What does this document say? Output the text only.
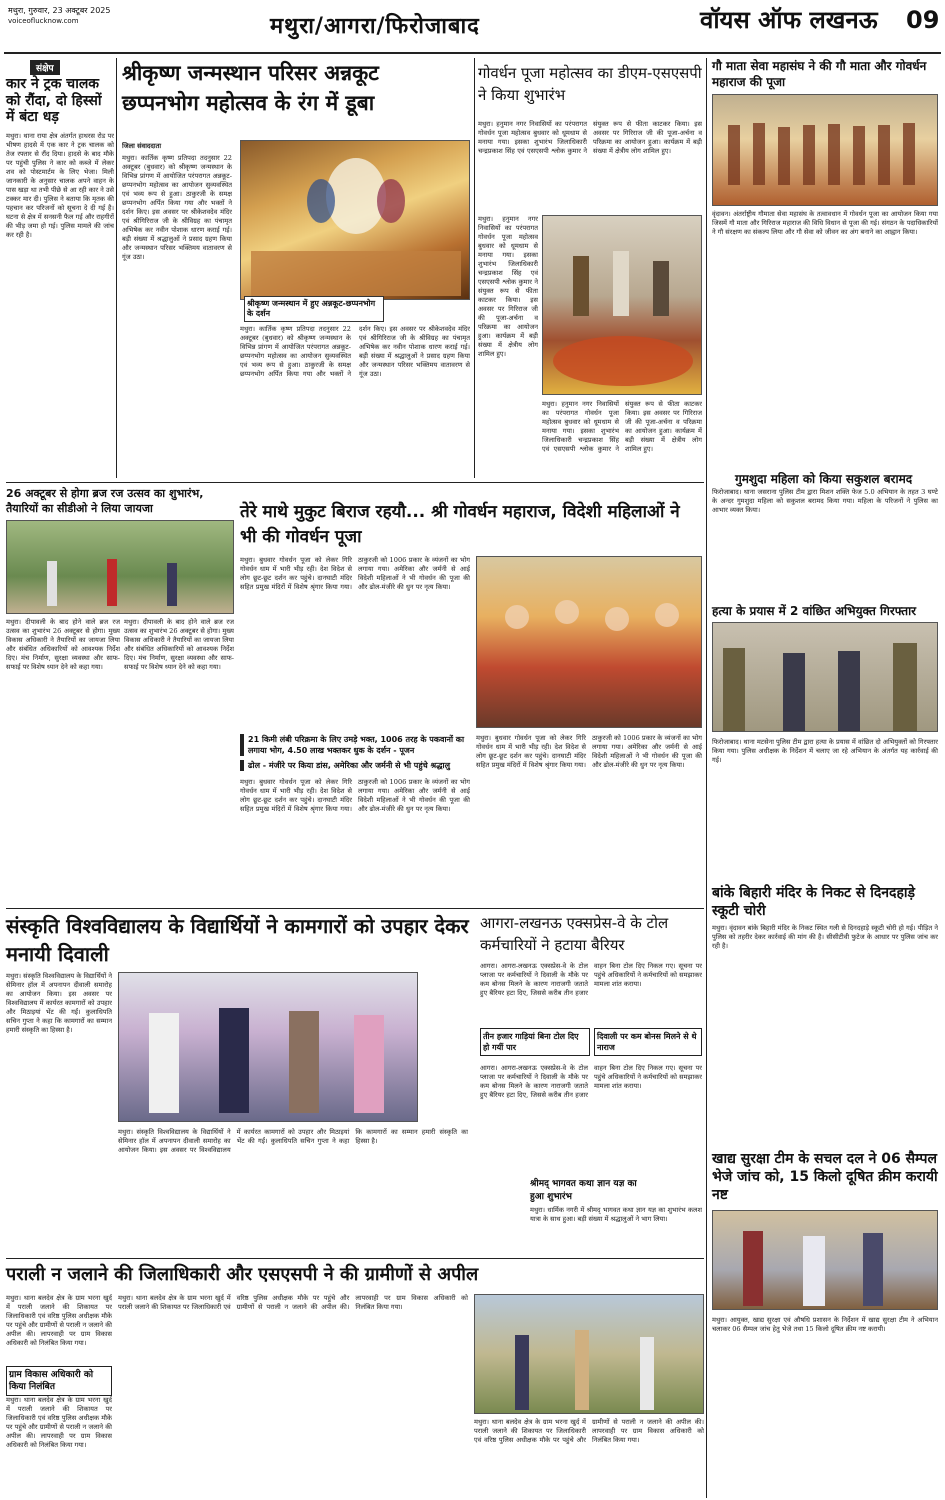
मथुरा, गुरुवार, 23 अक्टूबर 2025
voiceoflucknow.com	मथुरा/आगरा/फिरोजाबाद	वॉयस ऑफ लखनऊ 09
संक्षेप
कार ने ट्रक चालक को रौंदा, दो हिस्सों में बंटा धड़
मथुरा। थाना राया क्षेत्र अंतर्गत हाथरस रोड पर भीषण हादसे में एक कार ने ट्रक चालक को तेज रफ्तार से रौंद दिया। हादसे के बाद मौके पर पहुंची पुलिस ने कार को कब्जे में लेकर शव को पोस्टमार्टम के लिए भेजा। मिली जानकारी के अनुसार चालक अपने वाहन के पास खड़ा था तभी पीछे से आ रही कार ने उसे टक्कर मार दी। पुलिस ने बताया कि मृतक की पहचान कर परिजनों को सूचना दे दी गई है। घटना से क्षेत्र में सनसनी फैल गई और राहगीरों की भीड़ जमा हो गई। पुलिस मामले की जांच कर रही है।
श्रीकृष्ण जन्मस्थान परिसर अन्नकूट छप्पनभोग महोत्सव के रंग में डूबा
जिला संवाददाता
मथुरा। कार्तिक कृष्ण प्रतिपदा तदनुसार 22 अक्टूबर (बुधवार) को श्रीकृष्ण जन्मस्थान के विभिन्न प्रांगण में आयोजित परंपरागत अन्नकूट-छप्पनभोग महोत्सव का आयोजन सुव्यवस्थित एवं भव्य रूप से हुआ। ठाकुरजी के समक्ष छप्पनभोग अर्पित किया गया और भक्तों ने दर्शन किए। इस अवसर पर श्रीकेशवदेव मंदिर एवं श्रीगिरिराज जी के श्रीविग्रह का पंचामृत अभिषेक कर नवीन पोशाक धारण कराई गई। बड़ी संख्या में श्रद्धालुओं ने प्रसाद ग्रहण किया और जन्मस्थान परिसर भक्तिमय वातावरण से गूंज उठा।
श्रीकृष्ण जन्मस्थान में हुए अन्नकूट-छप्पनभोग के दर्शन
मथुरा। कार्तिक कृष्ण प्रतिपदा तदनुसार 22 अक्टूबर (बुधवार) को श्रीकृष्ण जन्मस्थान के विभिन्न प्रांगण में आयोजित परंपरागत अन्नकूट-छप्पनभोग महोत्सव का आयोजन सुव्यवस्थित एवं भव्य रूप से हुआ। ठाकुरजी के समक्ष छप्पनभोग अर्पित किया गया और भक्तों ने दर्शन किए। इस अवसर पर श्रीकेशवदेव मंदिर एवं श्रीगिरिराज जी के श्रीविग्रह का पंचामृत अभिषेक कर नवीन पोशाक धारण कराई गई। बड़ी संख्या में श्रद्धालुओं ने प्रसाद ग्रहण किया और जन्मस्थान परिसर भक्तिमय वातावरण से गूंज उठा।
गोवर्धन पूजा महोत्सव का डीएम-एसएसपी ने किया शुभारंभ
मथुरा। हनुमान नगर निवासियों का परंपरागत गोवर्धन पूजा महोत्सव बुधवार को धूमधाम से मनाया गया। इसका शुभारंभ जिलाधिकारी चन्द्रप्रकाश सिंह एवं एसएसपी श्लोक कुमार ने संयुक्त रूप से फीता काटकर किया। इस अवसर पर गिरिराज जी की पूजा-अर्चना व परिक्रमा का आयोजन हुआ। कार्यक्रम में बड़ी संख्या में क्षेत्रीय लोग शामिल हुए।
मथुरा। हनुमान नगर निवासियों का परंपरागत गोवर्धन पूजा महोत्सव बुधवार को धूमधाम से मनाया गया। इसका शुभारंभ जिलाधिकारी चन्द्रप्रकाश सिंह एवं एसएसपी श्लोक कुमार ने संयुक्त रूप से फीता काटकर किया। इस अवसर पर गिरिराज जी की पूजा-अर्चना व परिक्रमा का आयोजन हुआ। कार्यक्रम में बड़ी संख्या में क्षेत्रीय लोग शामिल हुए।
मथुरा। हनुमान नगर निवासियों का परंपरागत गोवर्धन पूजा महोत्सव बुधवार को धूमधाम से मनाया गया। इसका शुभारंभ जिलाधिकारी चन्द्रप्रकाश सिंह एवं एसएसपी श्लोक कुमार ने संयुक्त रूप से फीता काटकर किया। इस अवसर पर गिरिराज जी की पूजा-अर्चना व परिक्रमा का आयोजन हुआ। कार्यक्रम में बड़ी संख्या में क्षेत्रीय लोग शामिल हुए।
गौ माता सेवा महासंघ ने की गौ माता और गोवर्धन महाराज की पूजा
वृंदावन। अंतर्राष्ट्रीय गौमाता सेवा महासंघ के तत्वावधान में गोवर्धन पूजा का आयोजन किया गया जिसमें गौ माता और गिरिराज महाराज की विधि विधान से पूजा की गई। संगठन के पदाधिकारियों ने गौ संरक्षण का संकल्प लिया और गौ सेवा को जीवन का अंग बनाने का आह्वान किया।
गुमशुदा महिला को किया सकुशल बरामद
फिरोजाबाद। थाना जसराना पुलिस टीम द्वारा मिशन शक्ति फेज 5.0 अभियान के तहत 3 घण्टे के अन्दर गुमशुदा महिला को सकुशल बरामद किया गया। महिला के परिजनों ने पुलिस का आभार व्यक्त किया।
हत्या के प्रयास में 2 वांछित अभियुक्त गिरफ्तार
फिरोजाबाद। थाना मटसेना पुलिस टीम द्वारा हत्या के प्रयास में वांछित दो अभियुक्तों को गिरफ्तार किया गया। पुलिस अधीक्षक के निर्देशन में चलाए जा रहे अभियान के अंतर्गत यह कार्रवाई की गई।
बांके बिहारी मंदिर के निकट से दिनदहाड़े स्कूटी चोरी
मथुरा। वृंदावन बांके बिहारी मंदिर के निकट स्थित गली से दिनदहाड़े स्कूटी चोरी हो गई। पीड़ित ने पुलिस को तहरीर देकर कार्रवाई की मांग की है। सीसीटीवी फुटेज के आधार पर पुलिस जांच कर रही है।
खाद्य सुरक्षा टीम के सचल दल ने 06 सैम्पल भेजे जांच को, 15 किलो दूषित क्रीम करायी नष्ट
मथुरा। आयुक्त, खाद्य सुरक्षा एवं औषधि प्रशासन के निर्देशन में खाद्य सुरक्षा टीम ने अभियान चलाकर 06 सैम्पल जांच हेतु भेजे तथा 15 किलो दूषित क्रीम नष्ट करायी।
26 अक्टूबर से होगा ब्रज रज उत्सव का शुभारंभ, तैयारियों का सीडीओ ने लिया जायजा
मथुरा। दीपावली के बाद होने वाले ब्रज रज उत्सव का शुभारंभ 26 अक्टूबर से होगा। मुख्य विकास अधिकारी ने तैयारियों का जायजा लिया और संबंधित अधिकारियों को आवश्यक निर्देश दिए। मंच निर्माण, सुरक्षा व्यवस्था और साफ-सफाई पर विशेष ध्यान देने को कहा गया।
मथुरा। दीपावली के बाद होने वाले ब्रज रज उत्सव का शुभारंभ 26 अक्टूबर से होगा। मुख्य विकास अधिकारी ने तैयारियों का जायजा लिया और संबंधित अधिकारियों को आवश्यक निर्देश दिए। मंच निर्माण, सुरक्षा व्यवस्था और साफ-सफाई पर विशेष ध्यान देने को कहा गया।
तेरे माथे मुकुट बिराज रहयौ... श्री गोवर्धन महाराज, विदेशी महिलाओं ने भी की गोवर्धन पूजा
मथुरा। बुधवार गोवर्धन पूजा को लेकर गिरि गोवर्धन धाम में भारी भीड़ रही। देश विदेश से लोग छूट-छूट दर्शन कर पहुंचे। दानघाटी मंदिर सहित प्रमुख मंदिरों में विशेष श्रृंगार किया गया। ठाकुरजी को 1006 प्रकार के व्यंजनों का भोग लगाया गया। अमेरिका और जर्मनी से आई विदेशी महिलाओं ने भी गोवर्धन की पूजा की और ढोल-मंजीरे की धुन पर नृत्य किया।
21 किमी लंबी परिक्रमा के लिए उमड़े भक्त, 1006 तरह के पकवानों का लगाया भोग, 4.50 लाख भक्तकर धुक के दर्शन - पूजन
ढोल - मंजीरे पर किया डांस, अमेरिका और जर्मनी से भी पहुंचे श्रद्धालु
मथुरा। बुधवार गोवर्धन पूजा को लेकर गिरि गोवर्धन धाम में भारी भीड़ रही। देश विदेश से लोग छूट-छूट दर्शन कर पहुंचे। दानघाटी मंदिर सहित प्रमुख मंदिरों में विशेष श्रृंगार किया गया। ठाकुरजी को 1006 प्रकार के व्यंजनों का भोग लगाया गया। अमेरिका और जर्मनी से आई विदेशी महिलाओं ने भी गोवर्धन की पूजा की और ढोल-मंजीरे की धुन पर नृत्य किया।
मथुरा। बुधवार गोवर्धन पूजा को लेकर गिरि गोवर्धन धाम में भारी भीड़ रही। देश विदेश से लोग छूट-छूट दर्शन कर पहुंचे। दानघाटी मंदिर सहित प्रमुख मंदिरों में विशेष श्रृंगार किया गया। ठाकुरजी को 1006 प्रकार के व्यंजनों का भोग लगाया गया। अमेरिका और जर्मनी से आई विदेशी महिलाओं ने भी गोवर्धन की पूजा की और ढोल-मंजीरे की धुन पर नृत्य किया।
संस्कृति विश्वविद्यालय के विद्यार्थियों ने कामगारों को उपहार देकर मनायी दिवाली
मथुरा। संस्कृति विश्वविद्यालय के विद्यार्थियों ने सेमिनार हॉल में अपनापन दीवाली समारोह का आयोजन किया। इस अवसर पर विश्वविद्यालय में कार्यरत कामगारों को उपहार और मिठाइयां भेंट की गईं। कुलाधिपति सचिन गुप्ता ने कहा कि कामगारों का सम्मान हमारी संस्कृति का हिस्सा है।
मथुरा। संस्कृति विश्वविद्यालय के विद्यार्थियों ने सेमिनार हॉल में अपनापन दीवाली समारोह का आयोजन किया। इस अवसर पर विश्वविद्यालय में कार्यरत कामगारों को उपहार और मिठाइयां भेंट की गईं। कुलाधिपति सचिन गुप्ता ने कहा कि कामगारों का सम्मान हमारी संस्कृति का हिस्सा है।
आगरा-लखनऊ एक्सप्रेस-वे के टोल कर्मचारियों ने हटाया बैरियर
आगरा। आगरा-लखनऊ एक्सप्रेस-वे के टोल प्लाजा पर कर्मचारियों ने दिवाली के मौके पर कम बोनस मिलने के कारण नाराजगी जताते हुए बैरियर हटा दिए, जिससे करीब तीन हजार वाहन बिना टोल दिए निकल गए। सूचना पर पहुंचे अधिकारियों ने कर्मचारियों को समझाकर मामला शांत कराया।
तीन हजार गाड़ियां बिना टोल दिए हो गयीं पार
दिवाली पर कम बोनस मिलने से थे नाराज
आगरा। आगरा-लखनऊ एक्सप्रेस-वे के टोल प्लाजा पर कर्मचारियों ने दिवाली के मौके पर कम बोनस मिलने के कारण नाराजगी जताते हुए बैरियर हटा दिए, जिससे करीब तीन हजार वाहन बिना टोल दिए निकल गए। सूचना पर पहुंचे अधिकारियों ने कर्मचारियों को समझाकर मामला शांत कराया।
श्रीमद् भागवत कथा ज्ञान यज्ञ का हुआ शुभारंभ
मथुरा। धार्मिक नगरी में श्रीमद् भागवत कथा ज्ञान यज्ञ का शुभारंभ कलश यात्रा के साथ हुआ। बड़ी संख्या में श्रद्धालुओं ने भाग लिया।
पराली न जलाने की जिलाधिकारी और एसएसपी ने की ग्रामीणों से अपील
मथुरा। थाना बलदेव क्षेत्र के ग्राम भरना खुर्द में पराली जलाने की शिकायत पर जिलाधिकारी एवं वरिष्ठ पुलिस अधीक्षक मौके पर पहुंचे और ग्रामीणों से पराली न जलाने की अपील की। लापरवाही पर ग्राम विकास अधिकारी को निलंबित किया गया।
ग्राम विकास अधिकारी को किया निलंबित
मथुरा। थाना बलदेव क्षेत्र के ग्राम भरना खुर्द में पराली जलाने की शिकायत पर जिलाधिकारी एवं वरिष्ठ पुलिस अधीक्षक मौके पर पहुंचे और ग्रामीणों से पराली न जलाने की अपील की। लापरवाही पर ग्राम विकास अधिकारी को निलंबित किया गया।
मथुरा। थाना बलदेव क्षेत्र के ग्राम भरना खुर्द में पराली जलाने की शिकायत पर जिलाधिकारी एवं वरिष्ठ पुलिस अधीक्षक मौके पर पहुंचे और ग्रामीणों से पराली न जलाने की अपील की। लापरवाही पर ग्राम विकास अधिकारी को निलंबित किया गया।
मथुरा। थाना बलदेव क्षेत्र के ग्राम भरना खुर्द में पराली जलाने की शिकायत पर जिलाधिकारी एवं वरिष्ठ पुलिस अधीक्षक मौके पर पहुंचे और ग्रामीणों से पराली न जलाने की अपील की। लापरवाही पर ग्राम विकास अधिकारी को निलंबित किया गया।
